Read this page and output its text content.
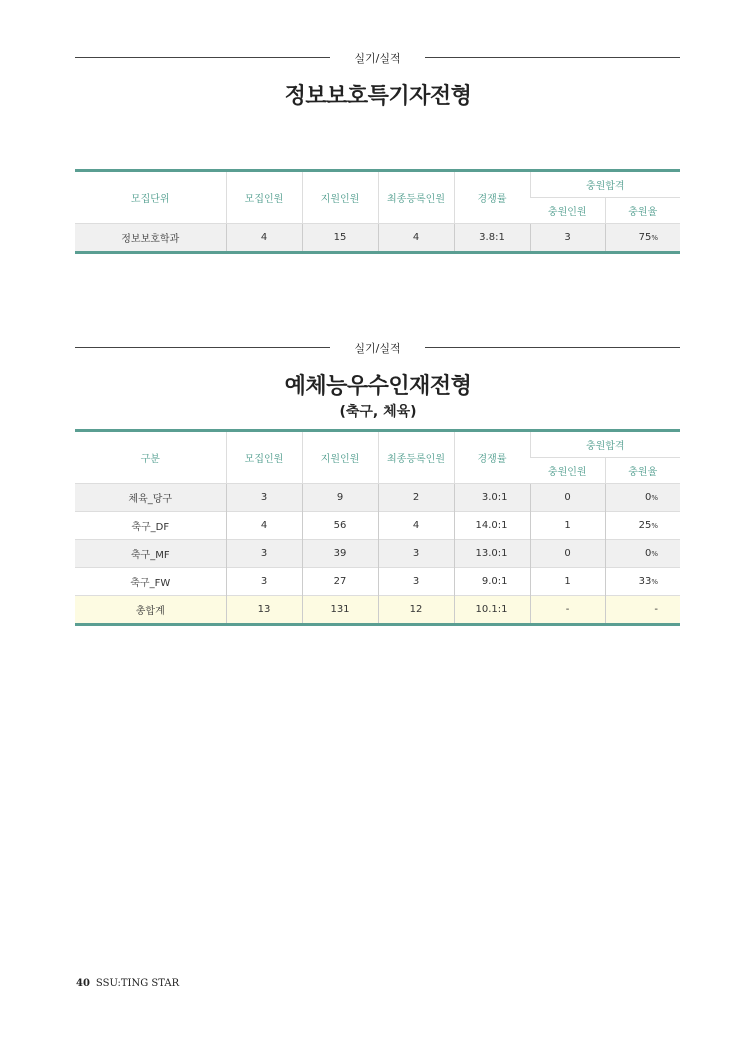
실기/실적
정보보호특기자전형
모집단위	모집인원	지원인원	최종등록인원	경쟁률	충원합격	
					충원인원	충원율
정보보호학과	4	15	4	3.8:1	3	75%
실기/실적
예체능우수인재전형
(축구, 체육)
구분	모집인원	지원인원	최종등록인원	경쟁률	충원합격	
					충원인원	충원율
체육_당구	3	9	2	3.0:1	0	0%
축구_DF	4	56	4	14.0:1	1	25%
축구_MF	3	39	3	13.0:1	0	0%
축구_FW	3	27	3	9.0:1	1	33%
총합계	13	131	12	10.1:1	-	-
40 SSU:TING STAR
